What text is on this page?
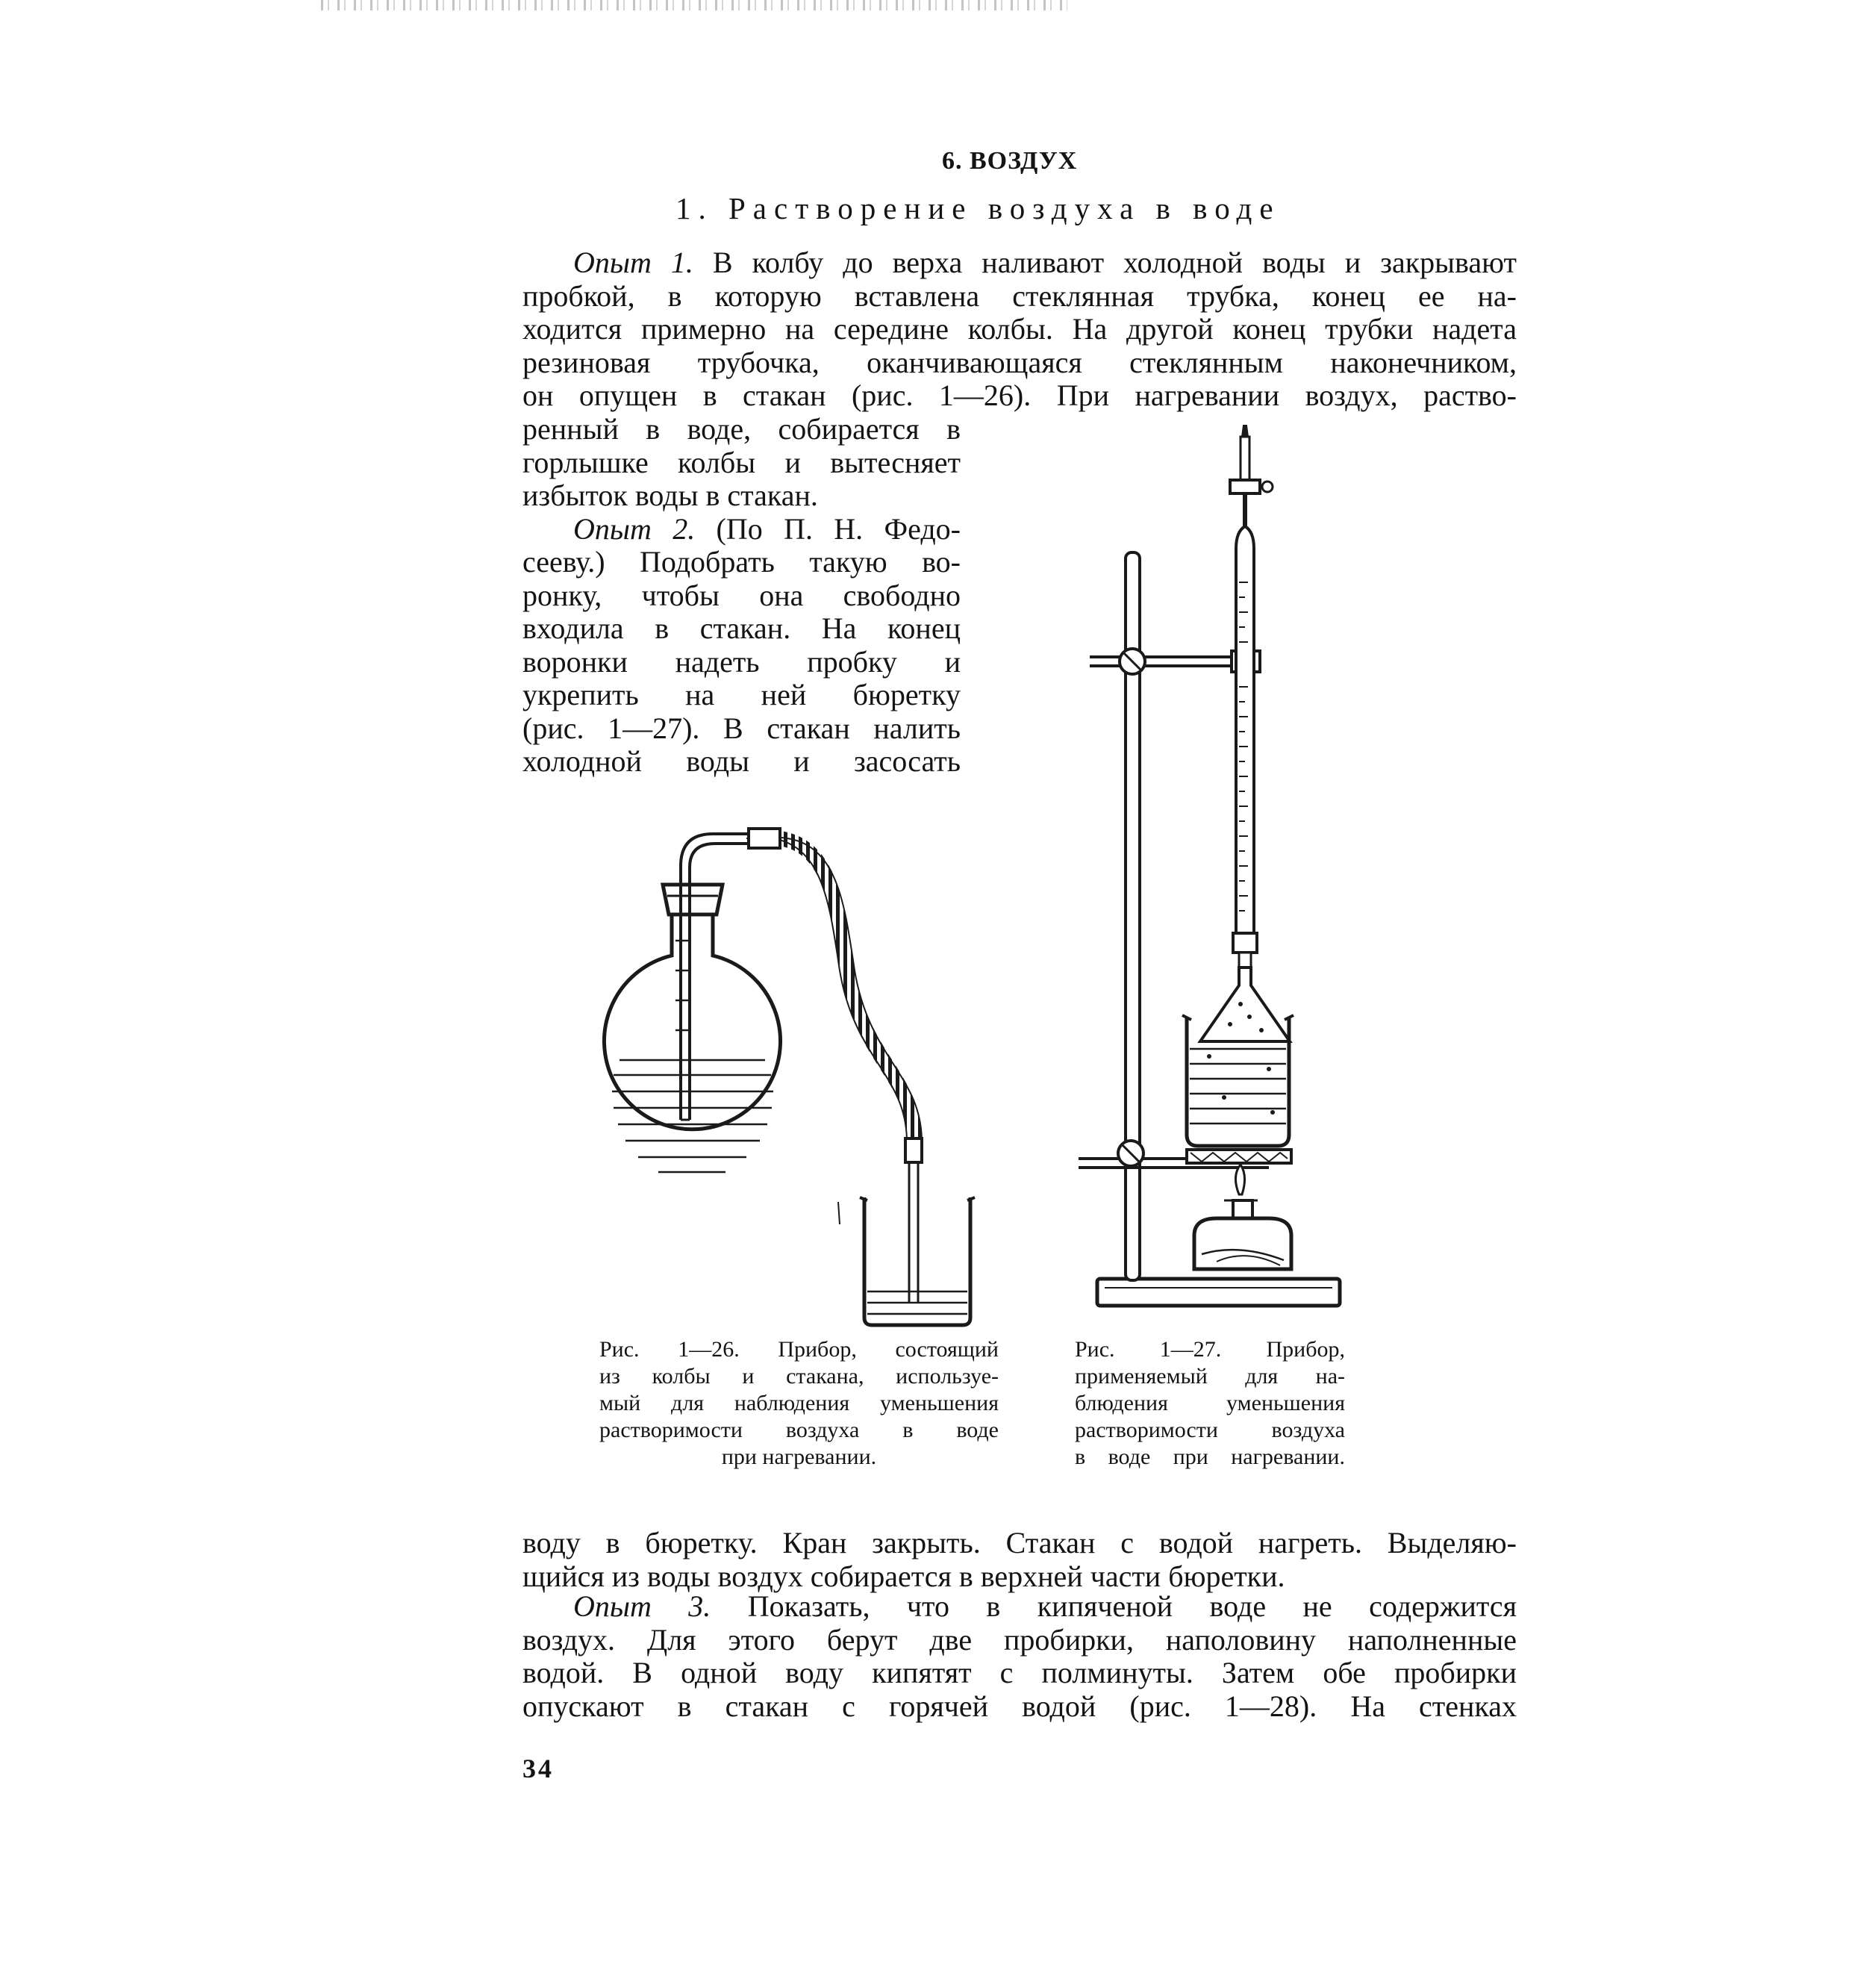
6. ВОЗДУХ
1. Растворение воздуха в воде
Опыт 1. В колбу до верха наливают холодной воды и закрывают
пробкой, в которую вставлена стеклянная трубка, конец ее на-
ходится примерно на середине колбы. На другой конец трубки надета
резиновая трубочка, оканчивающаяся стеклянным наконечником,
он опущен в стакан (рис. 1—26). При нагревании воздух, раство-
ренный в воде, собирается в
горлышке колбы и вытесняет
избыток воды в стакан.
Опыт 2. (По П. Н. Федо-
сееву.) Подобрать такую во-
ронку, чтобы она свободно
входила в стакан. На конец
воронки надеть пробку и
укрепить на ней бюретку
(рис. 1—27). В стакан налить
холодной воды и засосать
Рис. 1—26. Прибор, состоящий
из колбы и стакана, используе-
мый для наблюдения уменьшения
растворимости воздуха в воде
при нагревании.
Рис. 1—27. Прибор,
применяемый для на-
блюдения уменьшения
растворимости воздуха
в воде при нагревании.
воду в бюретку. Кран закрыть. Стакан с водой нагреть. Выделяю-
щийся из воды воздух собирается в верхней части бюретки.
Опыт 3. Показать, что в кипяченой воде не содержится
воздух. Для этого берут две пробирки, наполовину наполненные
водой. В одной воду кипятят с полминуты. Затем обе пробирки
опускают в стакан с горячей водой (рис. 1—28). На стенках
34
